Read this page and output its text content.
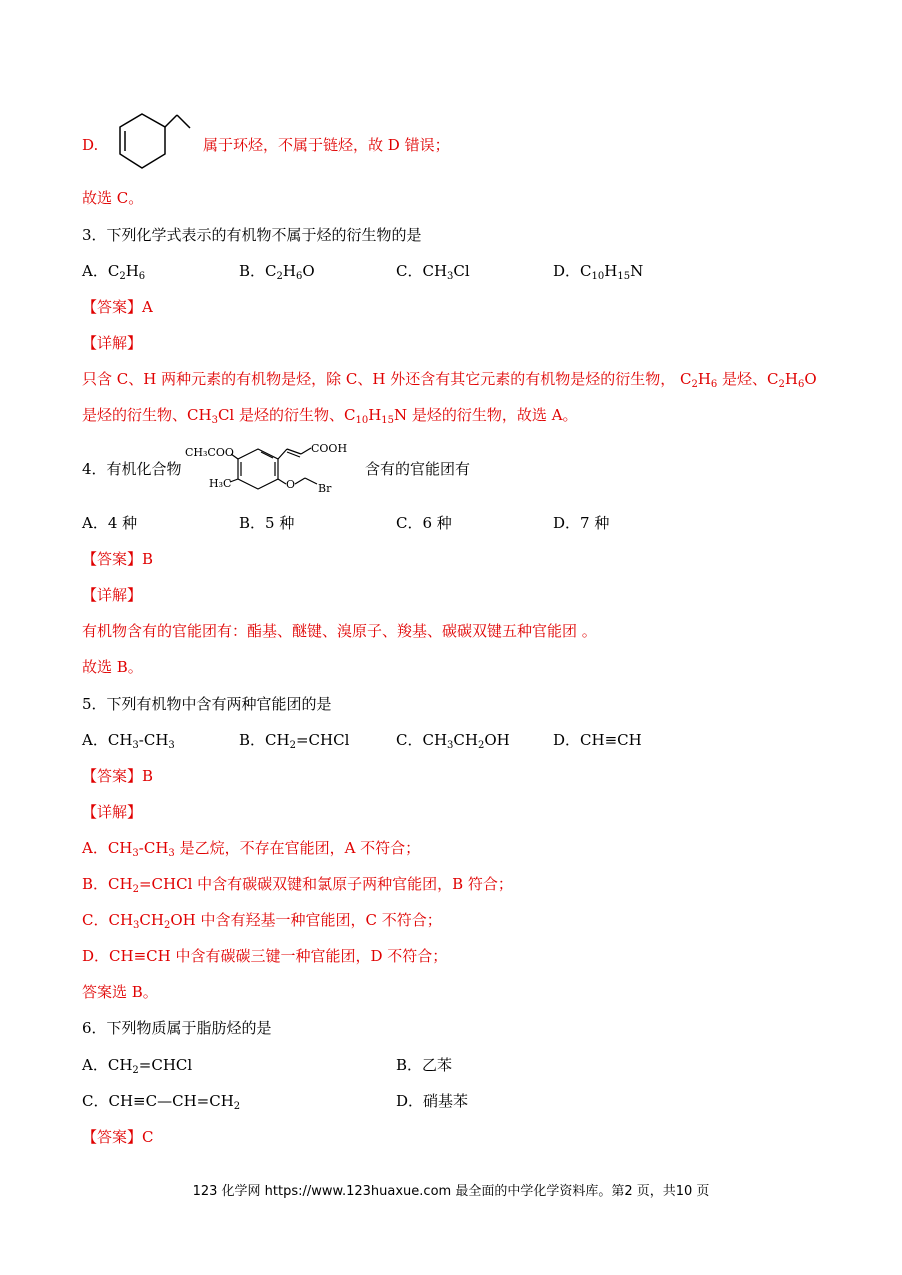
D.	属于环烃，不属于链烃，故 D 错误；
故选 C。
3．下列化学式表示的有机物不属于烃的衍生物的是
A．$C_2H_6$	B．$C_2H_6O$	C．$CH_3Cl$	D．$C_{10}H_{15}N$
【答案】A
【详解】
只含 C、H 两种元素的有机物是烃，除 C、H 外还含有其它元素的有机物是烃的衍生物， $C_2H_6$ 是烃、$C_2H_6O$
是烃的衍生物、$CH_3Cl$ 是烃的衍生物、$C_{10}H_{15}N$ 是烃的衍生物，故选 A。
4．有机化合物
CH₃COO	COOH
H₃C	O Br
含有的官能团有
A．4 种	B．5 种	C．6 种	D．7 种
【答案】B
【详解】
有机物含有的官能团有：酯基、醚键、溴原子、羧基、碳碳双键五种官能团 。
故选 B。
5．下列有机物中含有两种官能团的是
A．$CH_3-CH_3$	B．$CH_2=CHCl$	C．$CH_3CH_2OH$	D．CH≡CH
【答案】B
【详解】
A．$CH_3-CH_3$ 是乙烷，不存在官能团，A 不符合；
B．$CH_2=CHCl$ 中含有碳碳双键和氯原子两种官能团，B 符合；
C．$CH_3CH_2OH$ 中含有羟基一种官能团，C 不符合；
D．CH≡CH 中含有碳碳三键一种官能团，D 不符合；
答案选 B。
6．下列物质属于脂肪烃的是
A．$CH_2=CHCl$	B．乙苯
C．$CH\equiv C—CH=CH_2$	D．硝基苯
【答案】C
123 化学网 https://www.123huaxue.com 最全面的中学化学资料库。第2 页，共10 页
